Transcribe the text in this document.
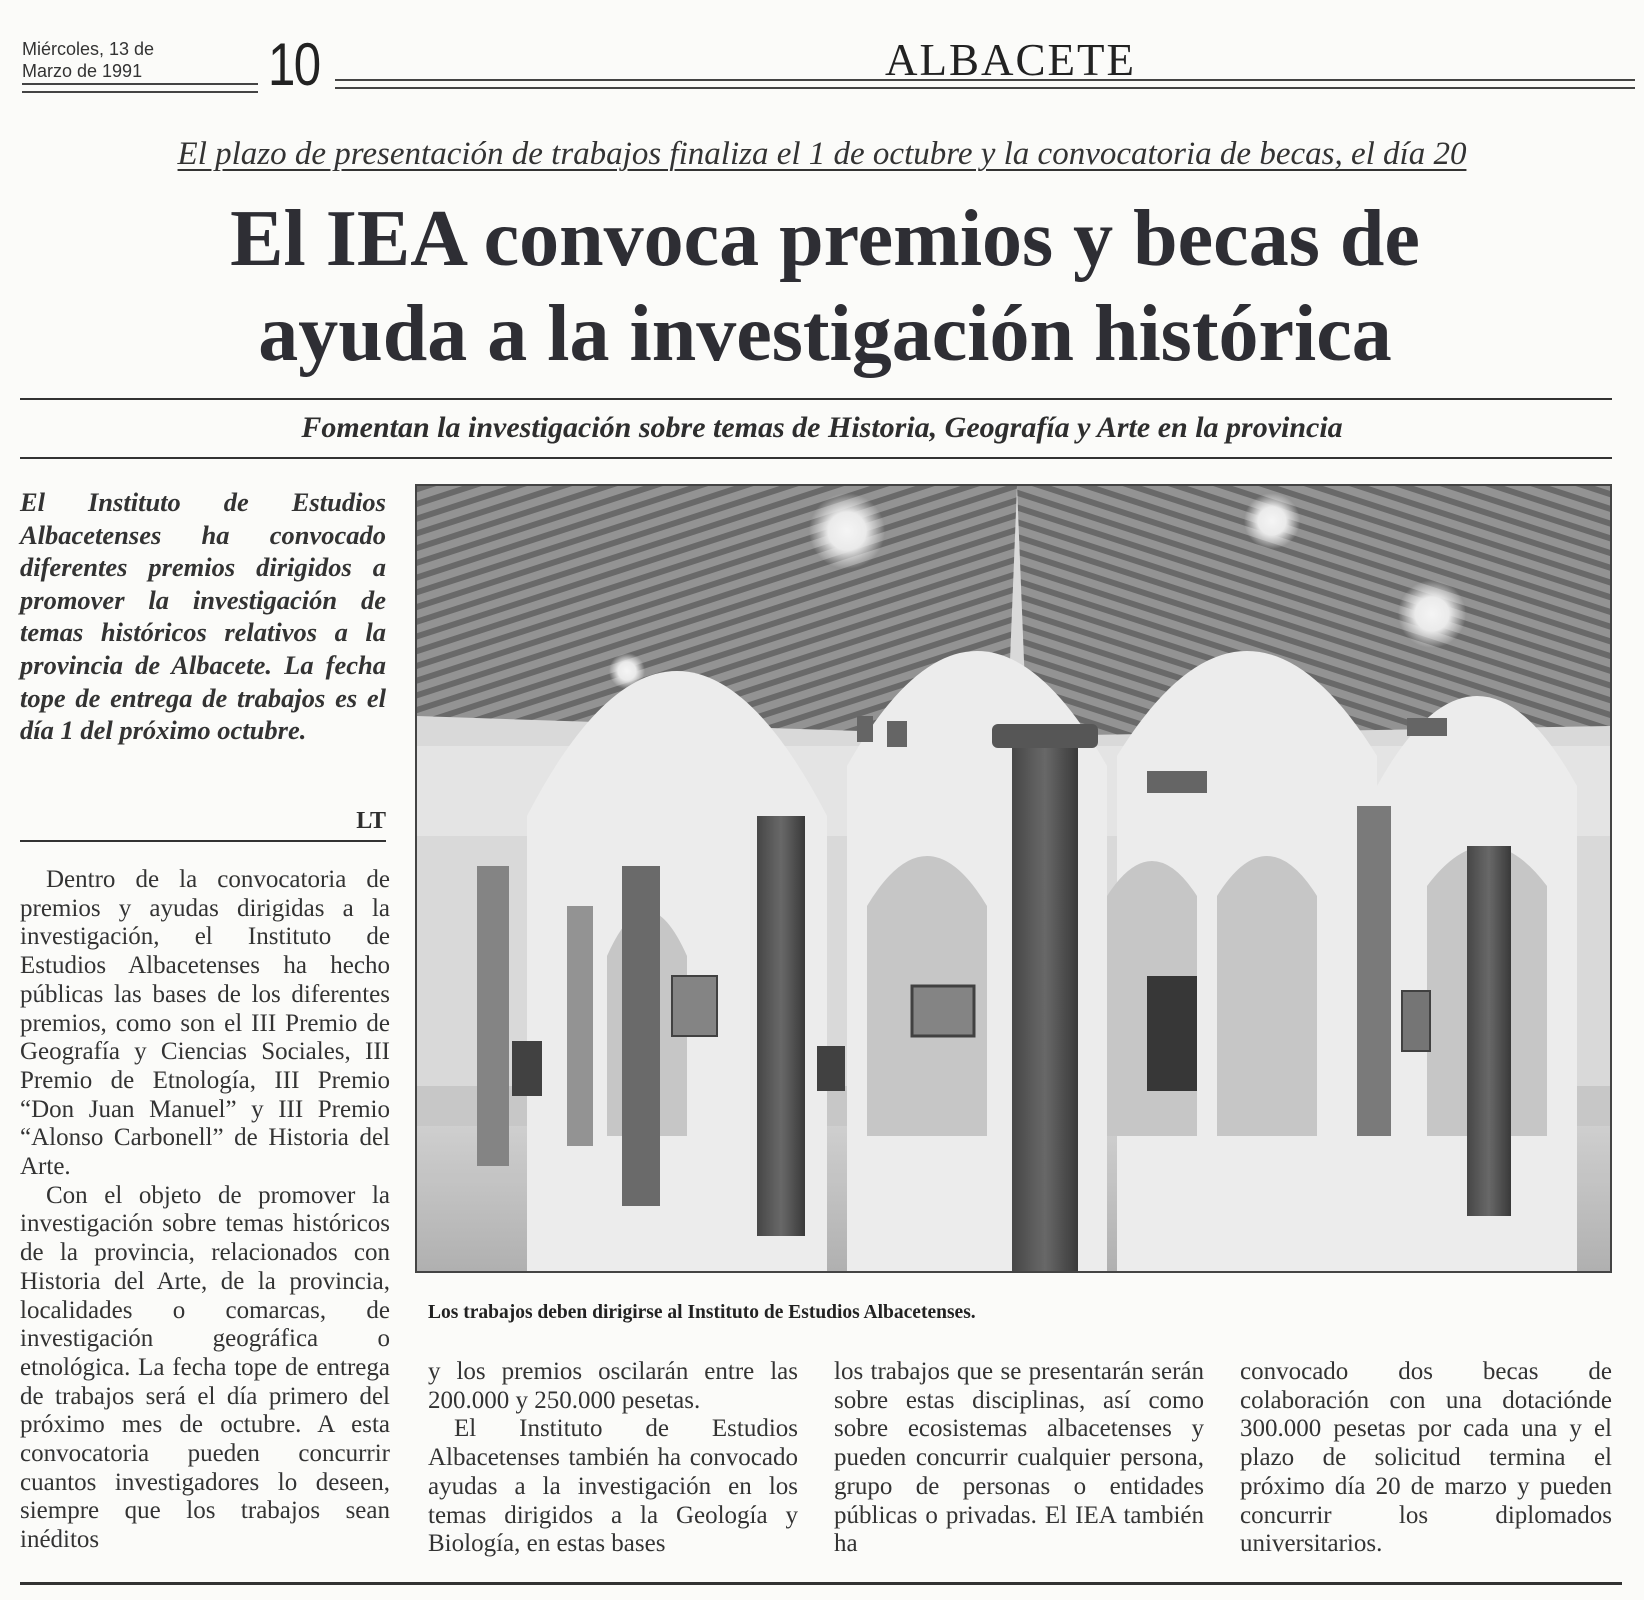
Miércoles, 13 de
Marzo de 1991 10	ALBACETE
El plazo de presentación de trabajos finaliza el 1 de octubre y la convocatoria de becas, el día 20
El IEA convoca premios y becas de
ayuda a la investigación histórica
Fomentan la investigación sobre temas de Historia, Geografía y Arte en la provincia
El Instituto de Estudios Albacetenses ha convocado diferentes premios dirigidos a promover la investigación de temas históricos relativos a la provincia de Albacete. La fecha tope de entrega de trabajos es el día 1 del próximo octubre.
LT

Dentro de la convocatoria de premios y ayudas dirigidas a la investigación, el Instituto de Estudios Albacetenses ha hecho públicas las bases de los diferentes premios, como son el III Premio de Geografía y Ciencias Sociales, III Premio de Etnología, III Premio “Don Juan Manuel” y III Premio “Alonso Carbonell” de Historia del Arte.

Con el objeto de promover la investigación sobre temas históricos de la provincia, relacionados con Historia del Arte, de la provincia, localidades o comarcas, de investigación geográfica o etnológica. La fecha tope de entrega de trabajos será el día primero del próximo mes de octubre. A esta convocatoria pueden concurrir cuantos investigadores lo deseen, siempre que los trabajos sean inéditos

Los trabajos deben dirigirse al Instituto de Estudios Albacetenses.

y los premios oscilarán entre las 200.000 y 250.000 pesetas.

El Instituto de Estudios Albacetenses también ha convocado ayudas a la investigación en los temas dirigidos a la Geología y Biología, en estas bases

los trabajos que se presentarán serán sobre estas disciplinas, así como sobre ecosistemas albacetenses y pueden concurrir cualquier persona, grupo de personas o entidades públicas o privadas. El IEA también ha

convocado dos becas de colaboración con una dotaciónde 300.000 pesetas por cada una y el plazo de solicitud termina el próximo día 20 de marzo y pueden concurrir los diplomados universitarios.
